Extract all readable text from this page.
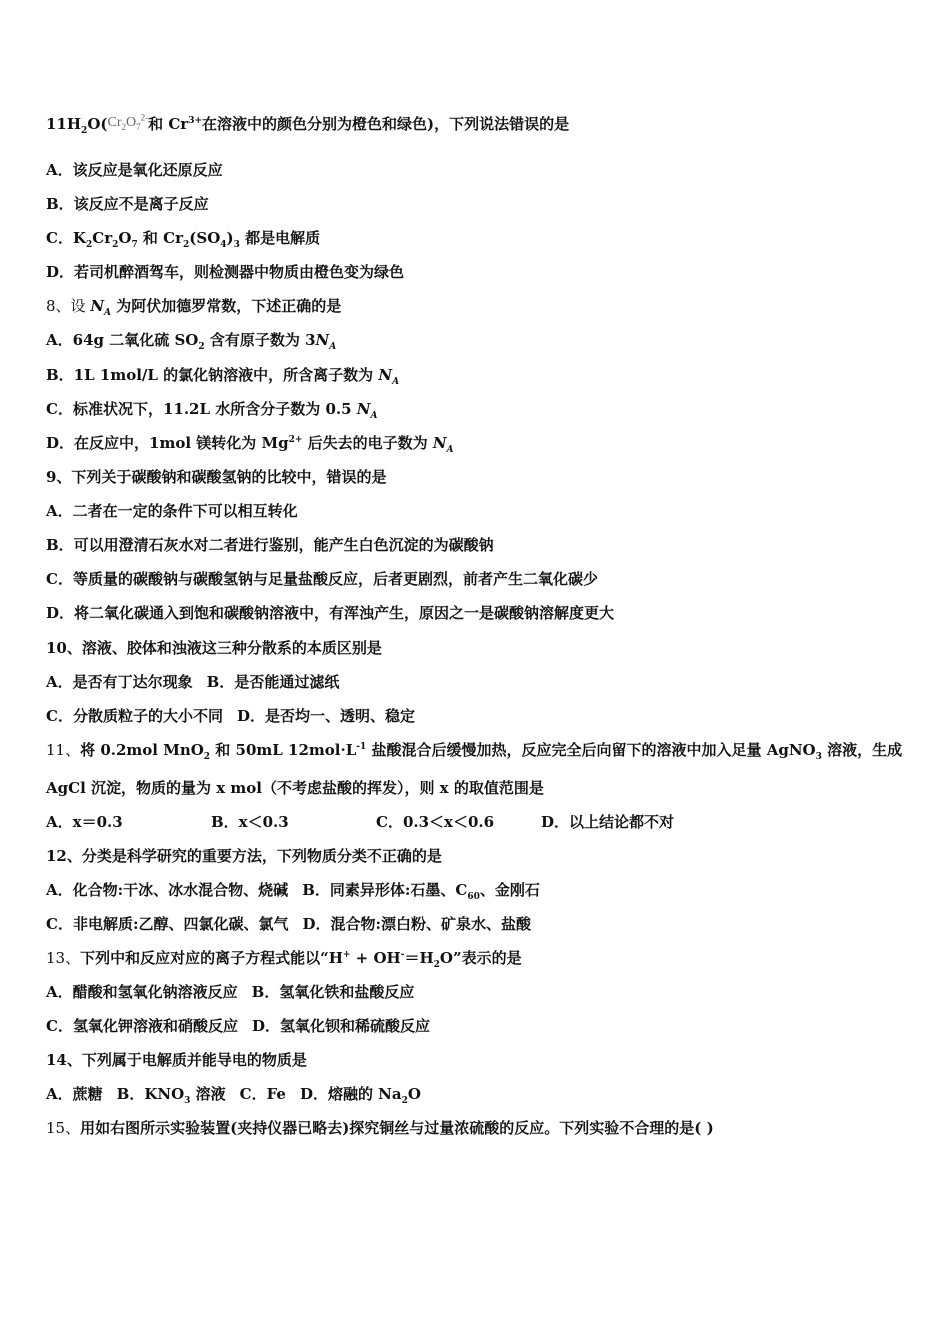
$11H_2O(Cr_2O_7^{2-}$和 $Cr^{3+}$在溶液中的颜色分别为橙色和绿色)，下列说法错误的是
A．该反应是氧化还原反应
B．该反应不是离子反应
C．$K_2Cr_2O_7$ 和 $Cr_2(SO_4)_3$ 都是电解质
D．若司机醉酒驾车，则检测器中物质由橙色变为绿色
8、设 $N_A$ 为阿伏加德罗常数，下述正确的是
A．64g 二氧化硫 $SO_2$ 含有原子数为 $3N_A$
B．1L 1mol/L 的氯化钠溶液中，所含离子数为 $N_A$
C．标准状况下，11.2L 水所含分子数为 0.5 $N_A$
D．在反应中，1mol 镁转化为 $Mg^{2+}$ 后失去的电子数为 $N_A$
9、下列关于碳酸钠和碳酸氢钠的比较中，错误的是
A．二者在一定的条件下可以相互转化
B．可以用澄清石灰水对二者进行鉴别，能产生白色沉淀的为碳酸钠
C．等质量的碳酸钠与碳酸氢钠与足量盐酸反应，后者更剧烈，前者产生二氧化碳少
D．将二氧化碳通入到饱和碳酸钠溶液中，有浑浊产生，原因之一是碳酸钠溶解度更大
10、溶液、胶体和浊液这三种分散系的本质区别是
A．是否有丁达尔现象 B．是否能通过滤纸
C．分散质粒子的大小不同 D．是否均一、透明、稳定
11、将 0.2mol MnO$_2$ 和 50mL $12mol\cdot L^{-1}$ 盐酸混合后缓慢加热，反应完全后向留下的溶液中加入足量 AgNO$_3$ 溶液，生成
AgCl 沉淀，物质的量为 x mol（不考虑盐酸的挥发），则 x 的取值范围是
A．x＝0.3	B．x＜0.3	C．0.3＜x＜0.6	D．以上结论都不对
12、分类是科学研究的重要方法，下列物质分类不正确的是
A．化合物:干冰、冰水混合物、烧碱 B．同素异形体:石墨、$C_{60}$、金刚石
C．非电解质:乙醇、四氯化碳、氯气 D．混合物:漂白粉、矿泉水、盐酸
13、下列中和反应对应的离子方程式能以“$H^+ + OH^-=H_2O$”表示的是
A．醋酸和氢氧化钠溶液反应 B．氢氧化铁和盐酸反应
C．氢氧化钾溶液和硝酸反应 D．氢氧化钡和稀硫酸反应
14、下列属于电解质并能导电的物质是
A．蔗糖 B．$KNO_3$ 溶液 C．Fe D．熔融的 $Na_2O$
15、用如右图所示实验装置(夹持仪器已略去)探究铜丝与过量浓硫酸的反应。下列实验不合理的是( )
